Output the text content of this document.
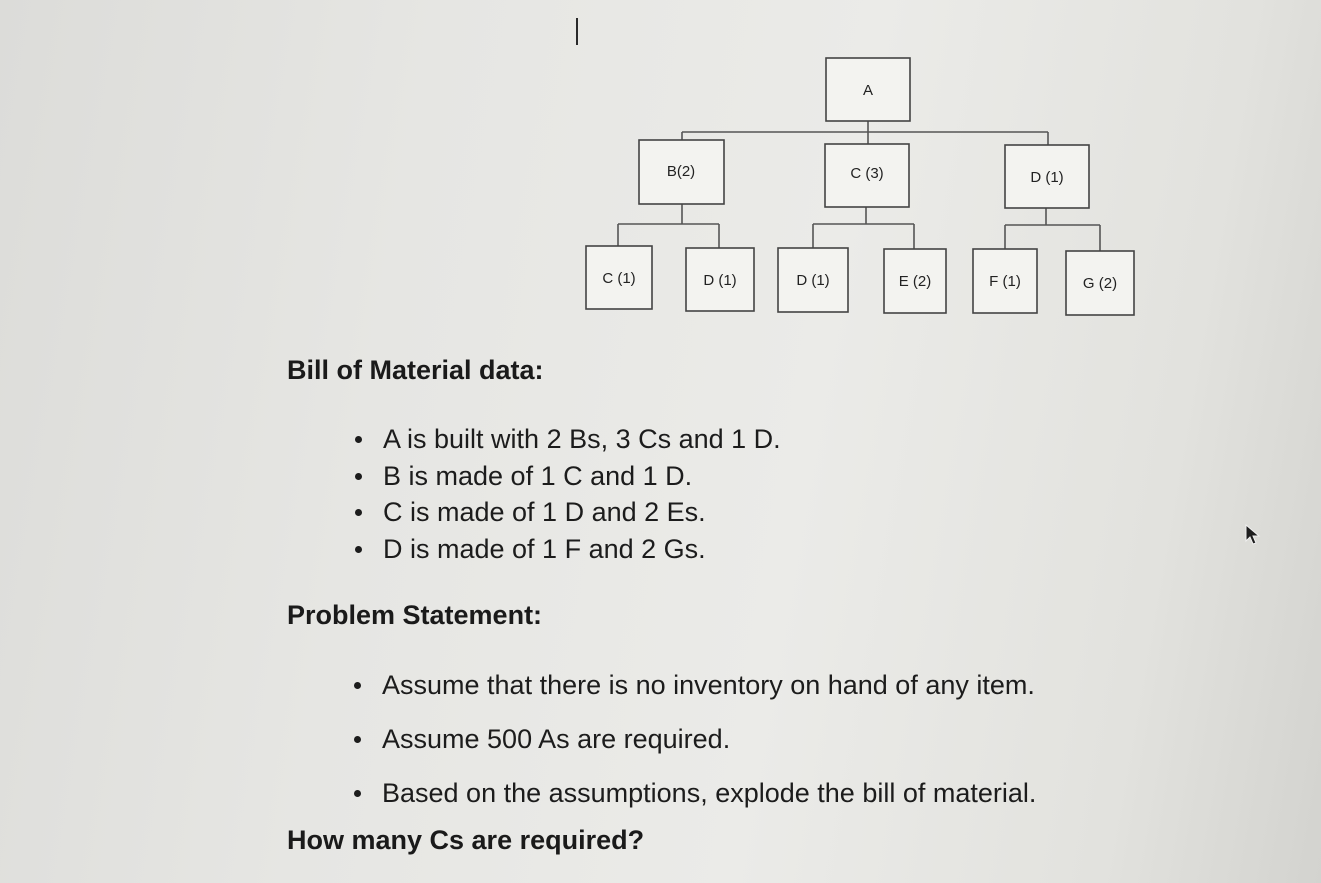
A
B(2)	C (3)	D (1)
C (1)	D (1)	D (1)	E (2)	F (1)	G (2)
Bill of Material data:
A is built with 2 Bs, 3 Cs and 1 D.
B is made of 1 C and 1 D.
C is made of 1 D and 2 Es.
D is made of 1 F and 2 Gs.
Problem Statement:
Assume that there is no inventory on hand of any item.
Assume 500 As are required.
Based on the assumptions, explode the bill of material.
How many Cs are required?
